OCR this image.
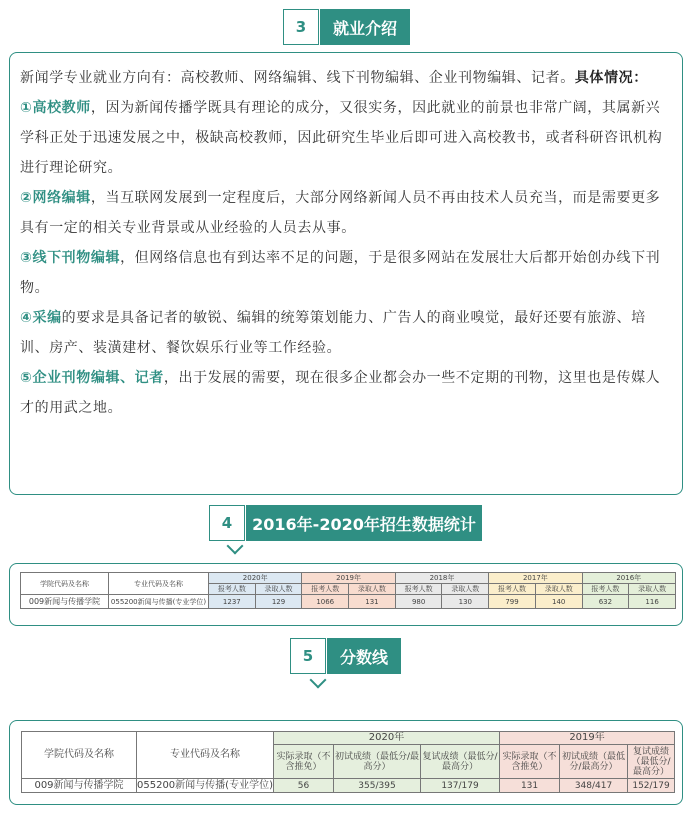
3	就业介绍

新闻学专业就业方向有：高校教师、网络编辑、线下刊物编辑、企业刊物编辑、记者。具体情况：

①高校教师，因为新闻传播学既具有理论的成分，又很实务，因此就业的前景也非常广阔，其属新兴学科正处于迅速发展之中，极缺高校教师，因此研究生毕业后即可进入高校教书，或者科研咨讯机构进行理论研究。

②网络编辑，当互联网发展到一定程度后，大部分网络新闻人员不再由技术人员充当，而是需要更多具有一定的相关专业背景或从业经验的人员去从事。

③线下刊物编辑，但网络信息也有到达率不足的问题，于是很多网站在发展壮大后都开始创办线下刊物。

④采编的要求是具备记者的敏锐、编辑的统筹策划能力、广告人的商业嗅觉，最好还要有旅游、培训、房产、装潢建材、餐饮娱乐行业等工作经验。

⑤企业刊物编辑、记者，出于发展的需要，现在很多企业都会办一些不定期的刊物，这里也是传媒人才的用武之地。

4	2016年-2020年招生数据统计
学院代码及名称	专业代码及名称	2020年		2019年		2018年		2017年		2016年	
		报考人数	录取人数	报考人数	录取人数	报考人数	录取人数	报考人数	录取人数	报考人数	录取人数
009新闻与传播学院	055200新闻与传播(专业学位)	1237	129	1066	131	980	130	799	140	632	116
5	分数线
学院代码及名称	专业代码及名称	2020年			2019年		
		实际录取（不含推免）	初试成绩（最低分/最高分）	复试成绩（最低分/最高分）	实际录取（不含推免）	初试成绩（最低分/最高分）	复试成绩（最低分/最高分）
009新闻与传播学院	055200新闻与传播(专业学位)	56	355/395	137/179	131	348/417	152/179
